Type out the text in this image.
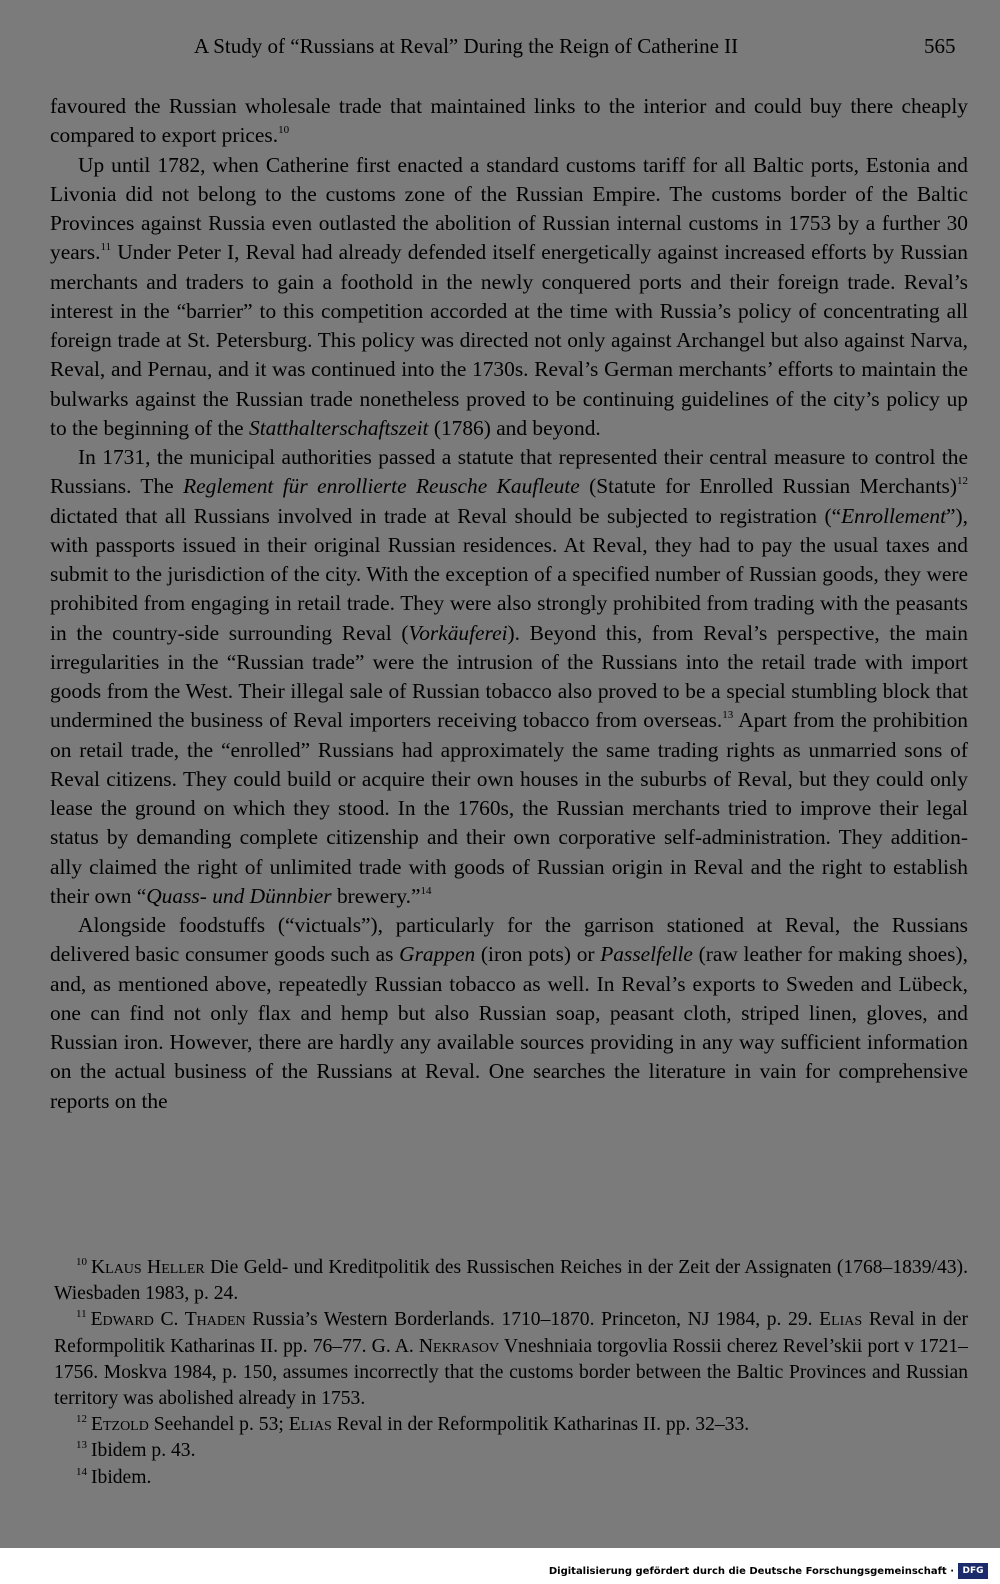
A Study of “Russians at Reval” During the Reign of Catherine II	565

favoured the Russian wholesale trade that maintained links to the interior and could buy there cheaply compared to export prices.$^{10}$

Up until 1782, when Catherine first enacted a standard customs tariff for all Baltic ports, Estonia and Livonia did not belong to the customs zone of the Russian Empire. The customs border of the Baltic Provinces against Russia even outlasted the abolition of Russian internal customs in 1753 by a further 30 years.$^{11}$ Under Peter I, Reval had already defended itself energetically against increased efforts by Russian merchants and traders to gain a foothold in the newly conquered ports and their foreign trade. Reval’s interest in the “barrier” to this competition accorded at the time with Russia’s policy of concentrating all foreign trade at St. Petersburg. This policy was directed not only against Archangel but also against Narva, Reval, and Pernau, and it was continued into the 1730s. Reval’s German merchants’ efforts to maintain the bulwarks against the Russian trade nonetheless proved to be continuing guidelines of the city’s policy up to the beginning of the Statthalterschaftszeit (1786) and beyond.

In 1731, the municipal authorities passed a statute that represented their central measure to control the Russians. The Reglement für enrollierte Reusche Kaufleute (Statute for Enrolled Russian Merchants)$^{12}$ dictated that all Russians involved in trade at Reval should be subjected to registration (“Enrollement”), with passports issued in their original Russian residences. At Reval, they had to pay the usual taxes and submit to the jurisdiction of the city. With the exception of a specified number of Russian goods, they were prohibited from engaging in retail trade. They were also strongly prohibited from trading with the peasants in the country-side surrounding Reval (Vorkäuferei). Beyond this, from Reval’s perspective, the main irregularities in the “Russian trade” were the intrusion of the Russians into the retail trade with import goods from the West. Their illegal sale of Russian tobacco also proved to be a special stumbling block that undermined the business of Reval importers receiving tobacco from overseas.$^{13}$ Apart from the prohibition on retail trade, the “enrolled” Russians had approximately the same trading rights as unmarried sons of Reval citizens. They could build or acquire their own houses in the suburbs of Reval, but they could only lease the ground on which they stood. In the 1760s, the Russian merchants tried to improve their legal status by demanding complete citizenship and their own corporative self-administration. They addition-ally claimed the right of unlimited trade with goods of Russian origin in Reval and the right to establish their own “Quass- und Dünnbier brewery.”$^{14}$

Alongside foodstuffs (“victuals”), particularly for the garrison stationed at Reval, the Russians delivered basic consumer goods such as Grappen (iron pots) or Passelfelle (raw leather for making shoes), and, as mentioned above, repeatedly Russian tobacco as well. In Reval’s exports to Sweden and Lübeck, one can find not only flax and hemp but also Russian soap, peasant cloth, striped linen, gloves, and Russian iron. However, there are hardly any available sources providing in any way sufficient information on the actual business of the Russians at Reval. One searches the literature in vain for comprehensive reports on the

$^{10}$ Klaus Heller Die Geld- und Kreditpolitik des Russischen Reiches in der Zeit der Assignaten (1768–1839/43). Wiesbaden 1983, p. 24.

$^{11}$ Edward C. Thaden Russia’s Western Borderlands. 1710–1870. Princeton, NJ 1984, p. 29. Elias Reval in der Reformpolitik Katharinas II. pp. 76–77. G. A. Nekrasov Vneshniaia torgovlia Rossii cherez Revel’skii port v 1721–1756. Moskva 1984, p. 150, assumes incorrectly that the customs border between the Baltic Provinces and Russian territory was abolished already in 1753.

$^{12}$ Etzold Seehandel p. 53; Elias Reval in der Reformpolitik Katharinas II. pp. 32–33.

$^{13}$ Ibidem p. 43.

$^{14}$ Ibidem.

Digitalisierung gefördert durch die Deutsche Forschungsgemeinschaft · DFG
